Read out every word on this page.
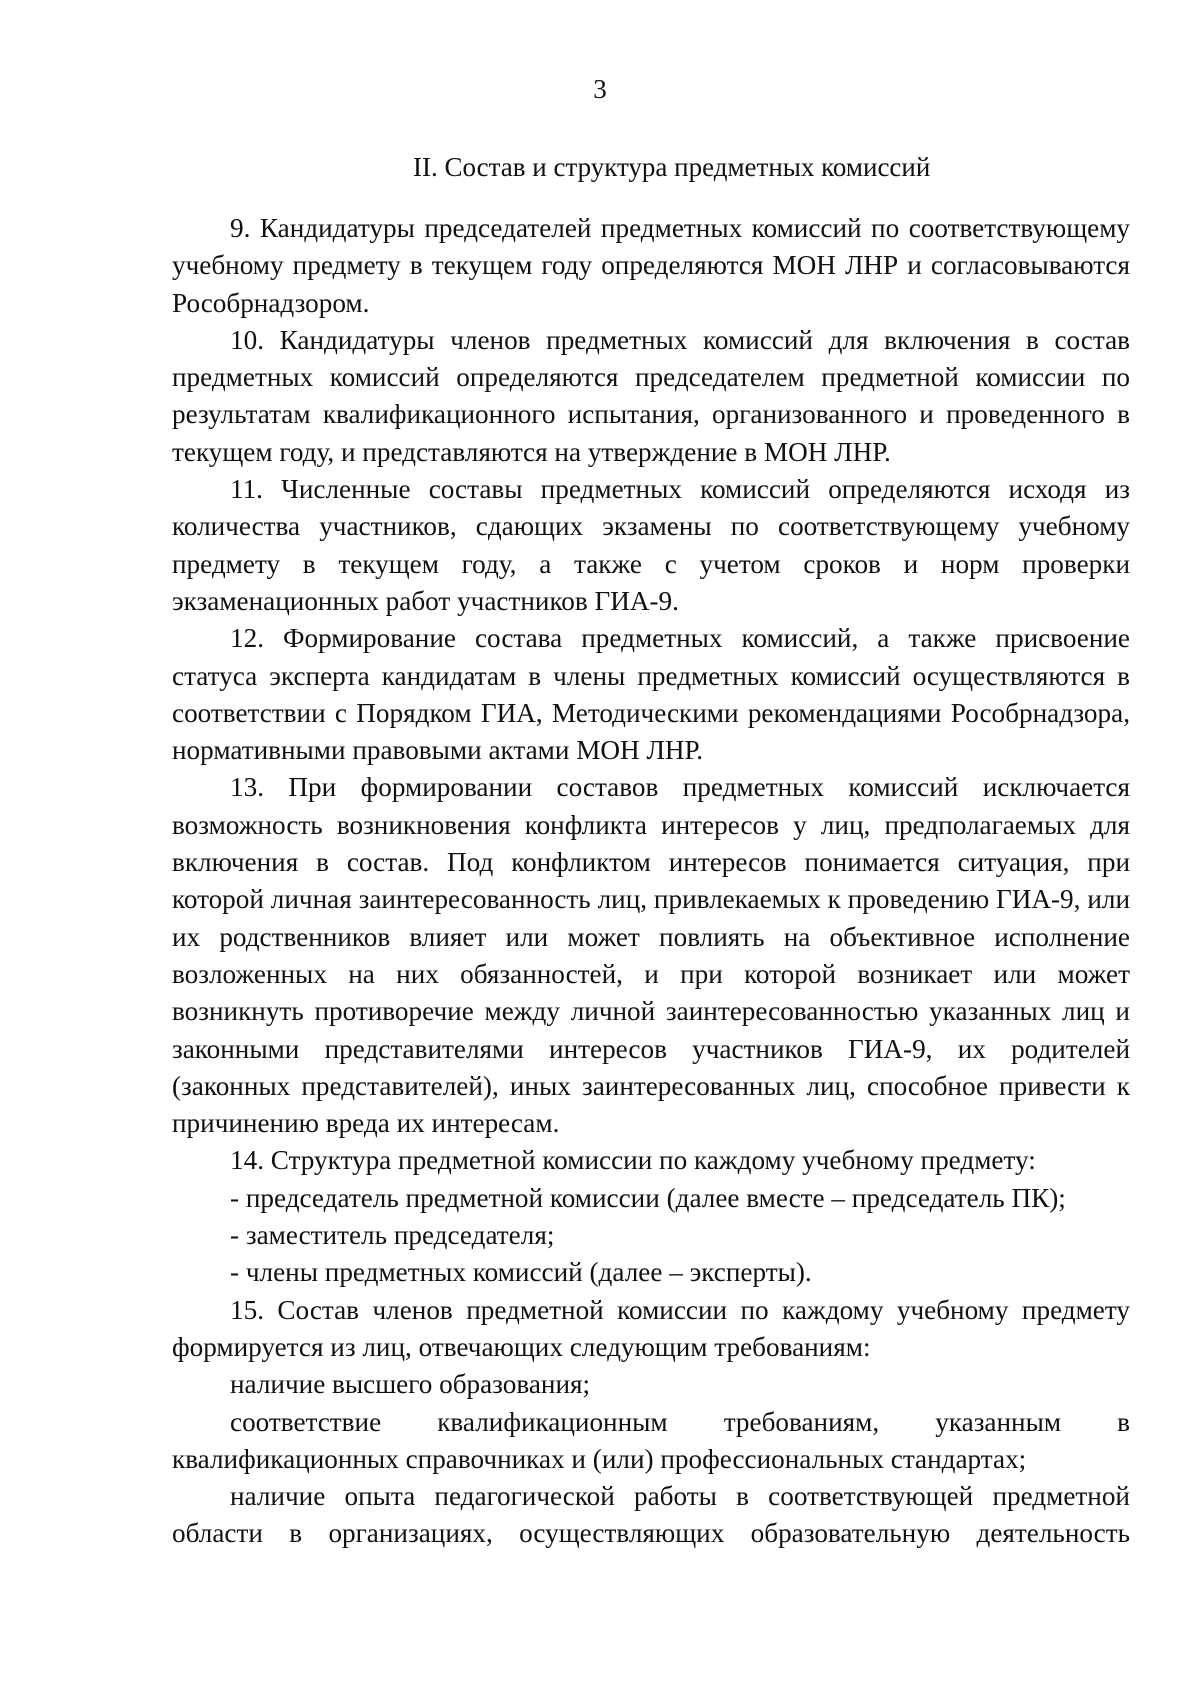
3
II. Состав и структура предметных комиссий

9. Кандидатуры председателей предметных комиссий по соответствующему учебному предмету в текущем году определяются МОН ЛНР и согласовываются Рособрнадзором.

10. Кандидатуры членов предметных комиссий для включения в состав предметных комиссий определяются председателем предметной комиссии по результатам квалификационного испытания, организованного и проведенного в текущем году, и представляются на утверждение в МОН ЛНР.

11. Численные составы предметных комиссий определяются исходя из количества участников, сдающих экзамены по соответствующему учебному предмету в текущем году, а также с учетом сроков и норм проверки экзаменационных работ участников ГИА-9.

12. Формирование состава предметных комиссий, а также присвоение статуса эксперта кандидатам в члены предметных комиссий осуществляются в соответствии с Порядком ГИА, Методическими рекомендациями Рособрнадзора, нормативными правовыми актами МОН ЛНР.

13. При формировании составов предметных комиссий исключается возможность возникновения конфликта интересов у лиц, предполагаемых для включения в состав. Под конфликтом интересов понимается ситуация, при которой личная заинтересованность лиц, привлекаемых к проведению ГИА-9, или их родственников влияет или может повлиять на объективное исполнение возложенных на них обязанностей, и при которой возникает или может возникнуть противоречие между личной заинтересованностью указанных лиц и законными представителями интересов участников ГИА-9, их родителей (законных представителей), иных заинтересованных лиц, способное привести к причинению вреда их интересам.

14. Структура предметной комиссии по каждому учебному предмету:

- председатель предметной комиссии (далее вместе – председатель ПК);

- заместитель председателя;

- члены предметных комиссий (далее – эксперты).

15. Состав членов предметной комиссии по каждому учебному предмету формируется из лиц, отвечающих следующим требованиям:

наличие высшего образования;

соответствие квалификационным требованиям, указанным в квалификационных справочниках и (или) профессиональных стандартах;

наличие опыта педагогической работы в соответствующей предметной области в организациях, осуществляющих образовательную деятельность
